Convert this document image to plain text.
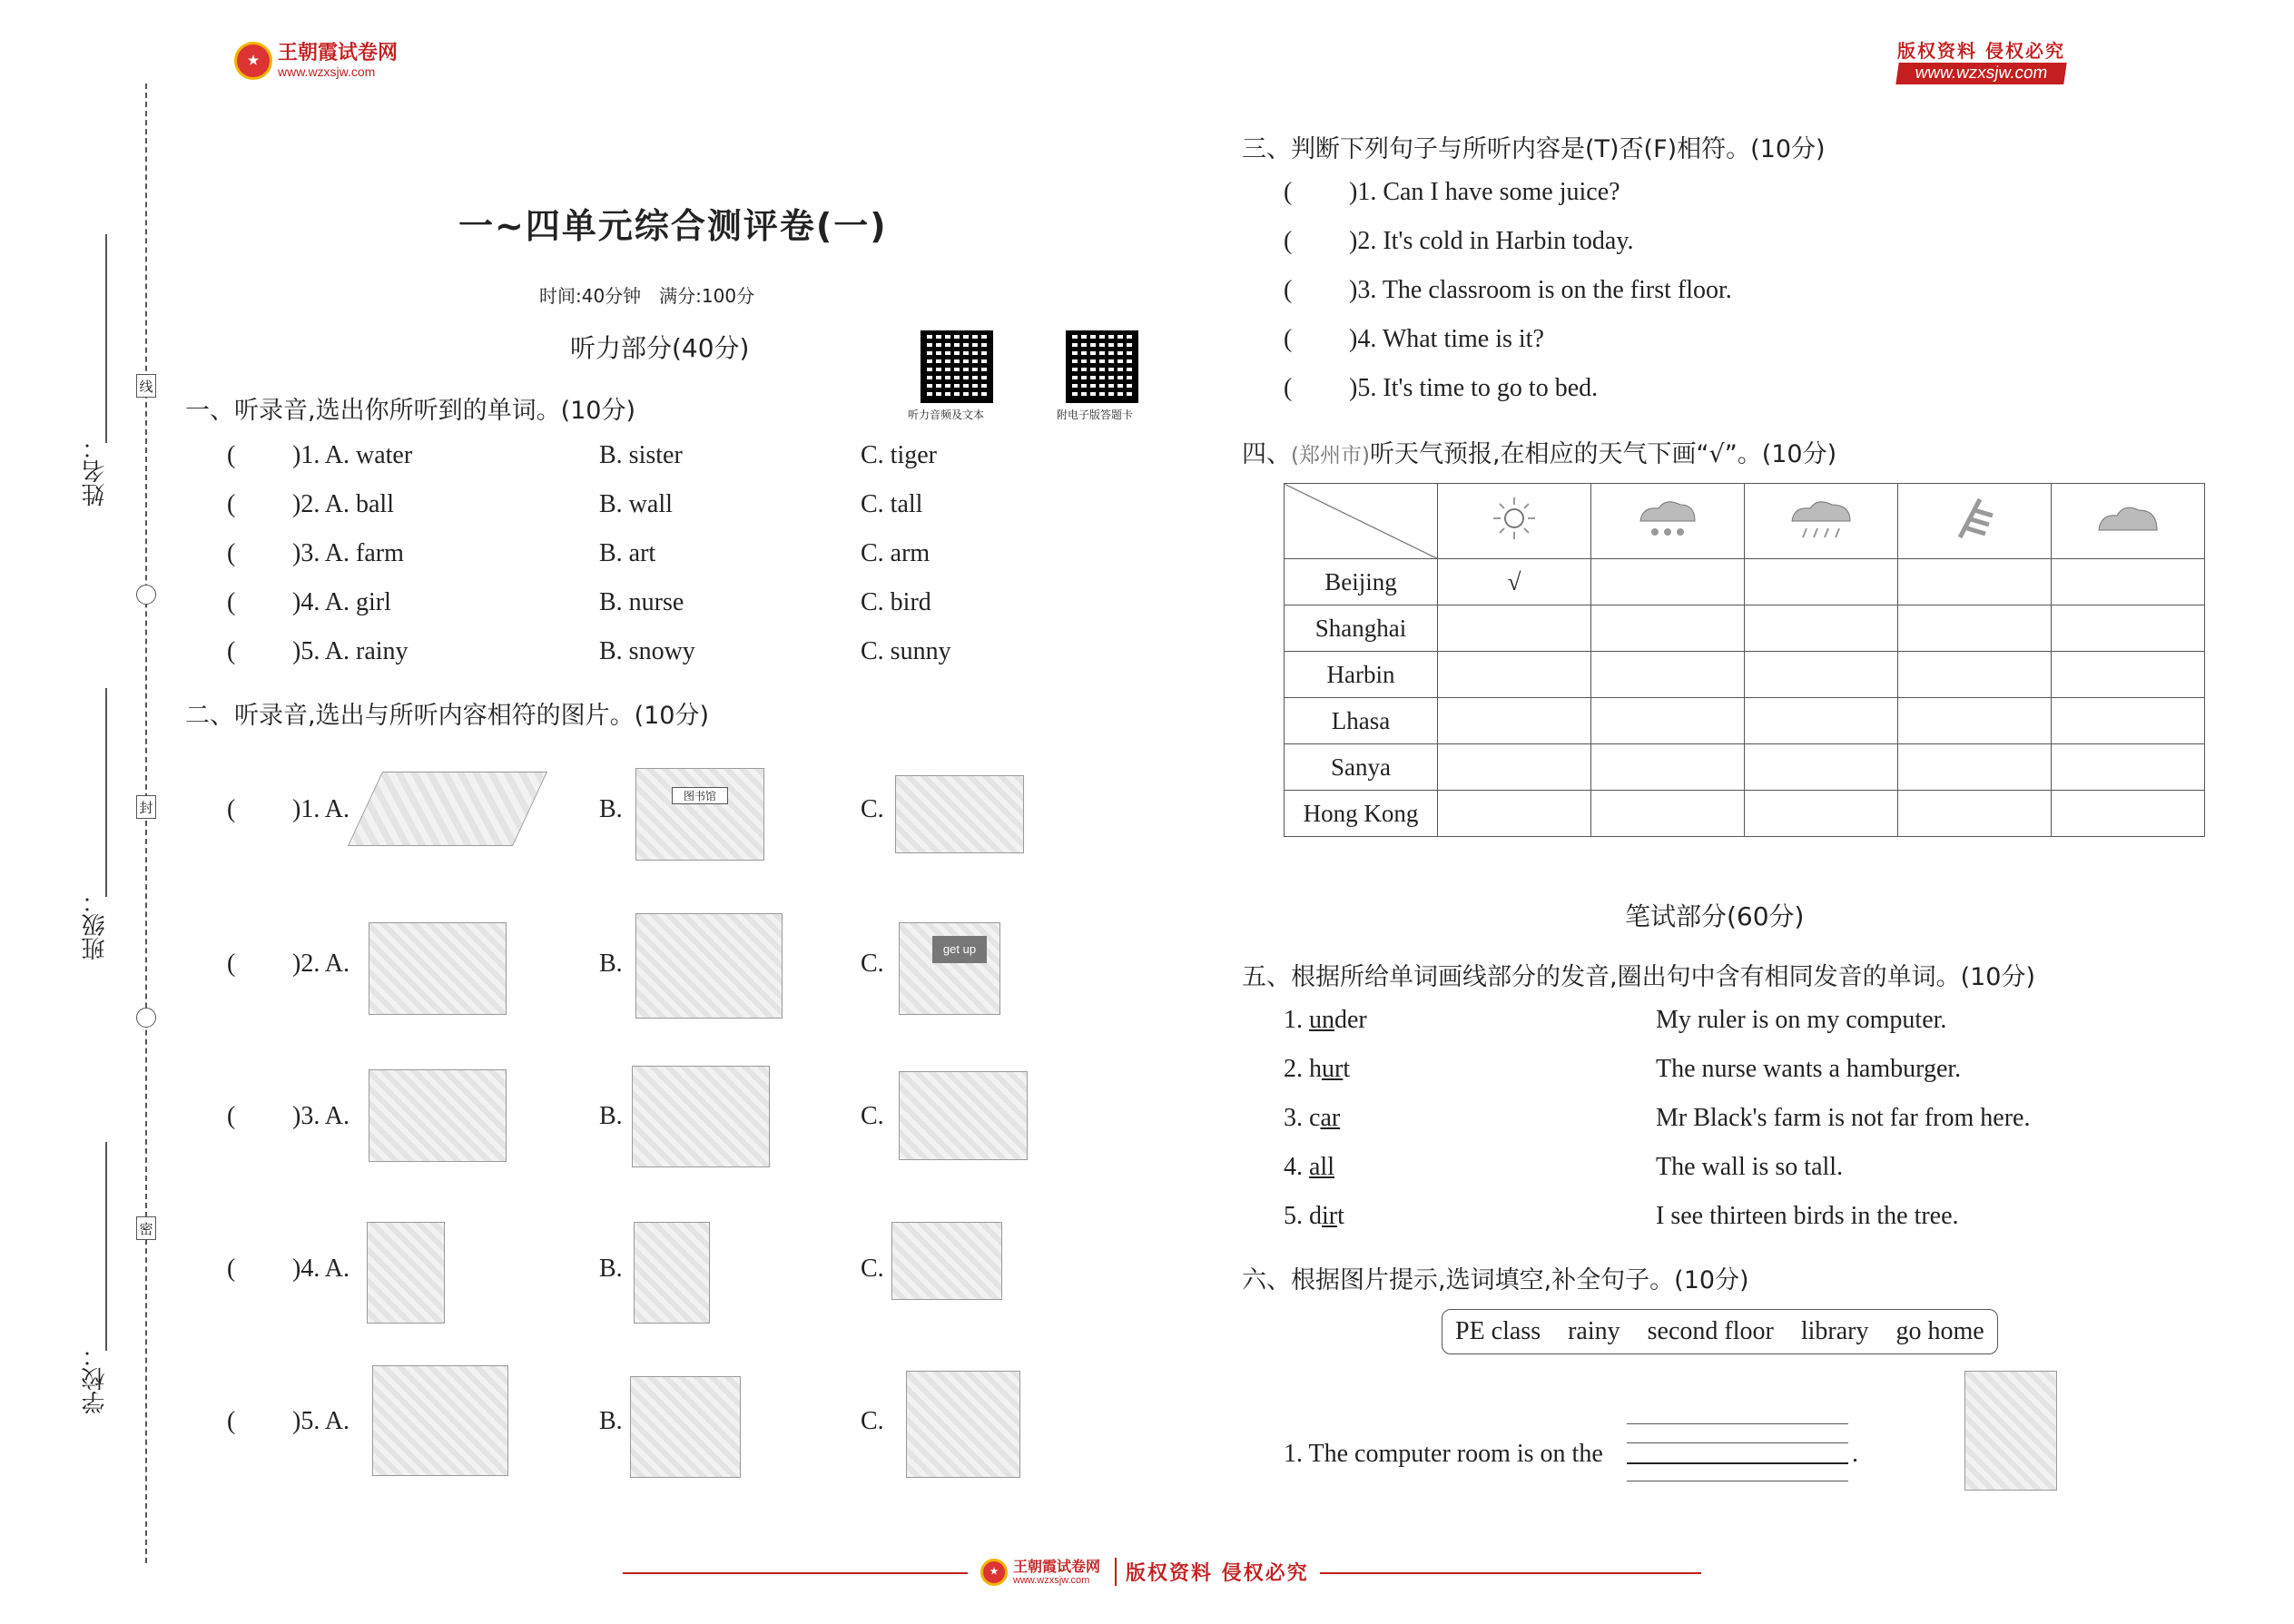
★ 王朝霞试卷网
www.wzxsjw.com
版权资料 侵权必究
www.wzxsjw.com
姓名：
班级：
学校：
线
封
密
一~四单元综合测评卷(一)
时间:40分钟　满分:100分
听力部分(40分)
听力音频及文本	附电子版答题卡
一、听录音,选出你所听到的单词。(10分)
( )1. A. water	B. sister	C. tiger
( )2. A. ball	B. wall	C. tall
( )3. A. farm	B. art	C. arm
( )4. A. girl	B. nurse	C. bird
( )5. A. rainy	B. snowy	C. sunny
二、听录音,选出与所听内容相符的图片。(10分)
( )1. A.	B.	图书馆	C.
( )2. A.	B.	C.
get up
( )3. A.	B.	C.
( )4. A.	B.	C.
( )5. A.	B.	C.
三、判断下列句子与所听内容是(T)否(F)相符。(10分)
( )1. Can I have some juice?
( )2. It's cold in Harbin today.
( )3. The classroom is on the first floor.
( )4. What time is it?
( )5. It's time to go to bed.
四、(郑州市)听天气预报,在相应的天气下画“√”。(10分)

Beijing	√				
Shanghai					
Harbin					
Lhasa					
Sanya					
Hong Kong					
笔试部分(60分)
五、根据所给单词画线部分的发音,圈出句中含有相同发音的单词。(10分)
1. under	My ruler is on my computer.
2. hurt	The nurse wants a hamburger.
3. car	Mr Black's farm is not far from here.
4. all	The wall is so tall.
5. dirt	I see thirteen birds in the tree.
六、根据图片提示,选词填空,补全句子。(10分)
PE class rainy second floor library go home
1. The computer room is on the	.
★	王朝霞试卷网
www.wzxsjw.com	版权资料 侵权必究
